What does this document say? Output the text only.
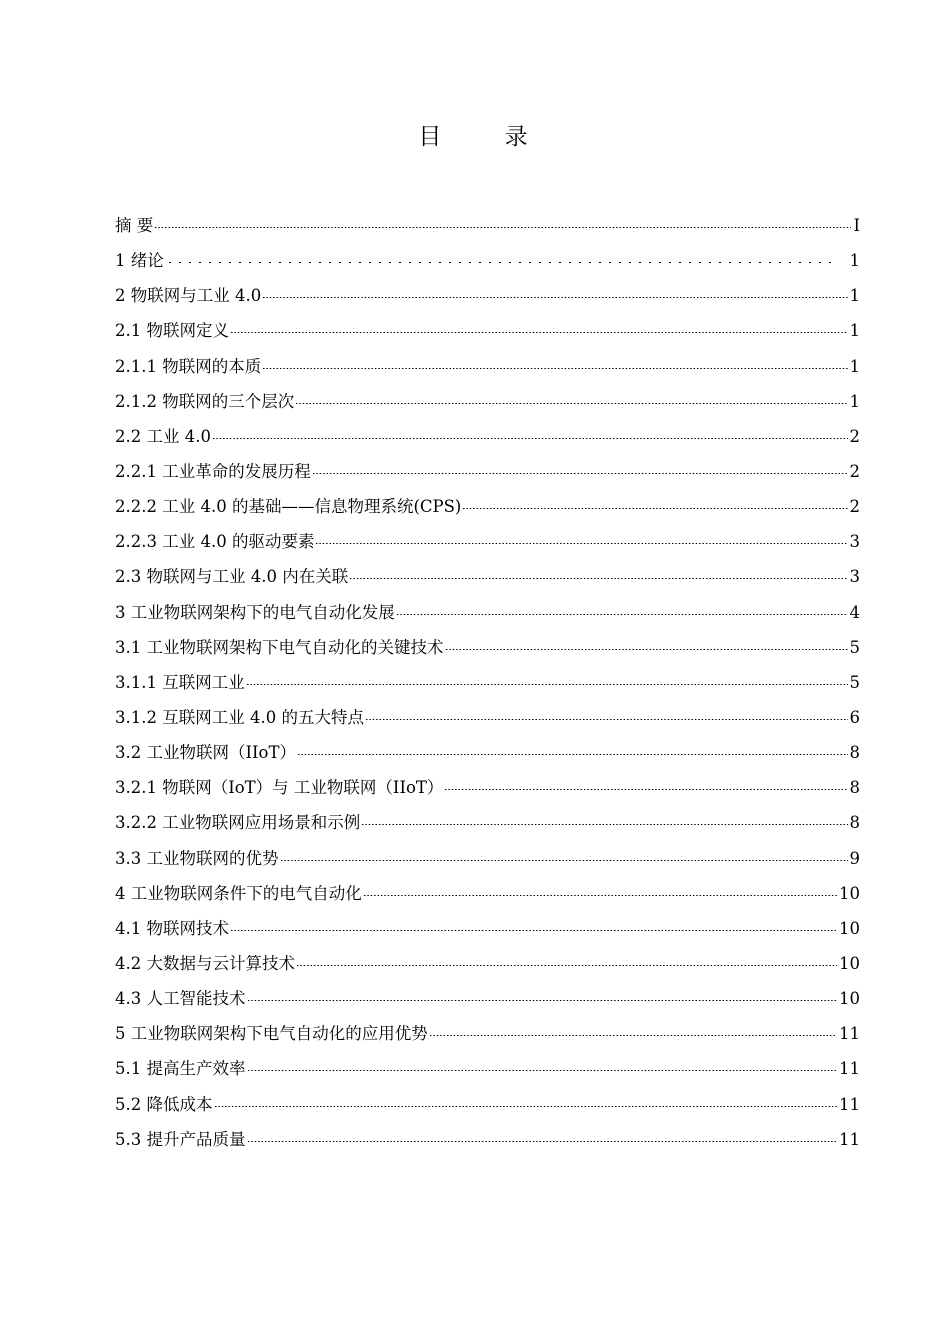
目 录
摘 要	I
1 绪论	1
2 物联网与工业 4.0	1
2.1 物联网定义	1
2.1.1 物联网的本质	1
2.1.2 物联网的三个层次	1
2.2 工业 4.0	2
2.2.1 工业革命的发展历程	2
2.2.2 工业 4.0 的基础——信息物理系统(CPS)	2
2.2.3 工业 4.0 的驱动要素	3
2.3 物联网与工业 4.0 内在关联	3
3 工业物联网架构下的电气自动化发展	4
3.1 工业物联网架构下电气自动化的关键技术	5
3.1.1 互联网工业	5
3.1.2 互联网工业 4.0 的五大特点	6
3.2 工业物联网（IIoT）	8
3.2.1 物联网（IoT）与 工业物联网（IIoT）	8
3.2.2 工业物联网应用场景和示例	8
3.3 工业物联网的优势	9
4 工业物联网条件下的电气自动化	10
4.1 物联网技术	10
4.2 大数据与云计算技术	10
4.3 人工智能技术	10
5 工业物联网架构下电气自动化的应用优势	11
5.1 提高生产效率	11
5.2 降低成本	11
5.3 提升产品质量	11
